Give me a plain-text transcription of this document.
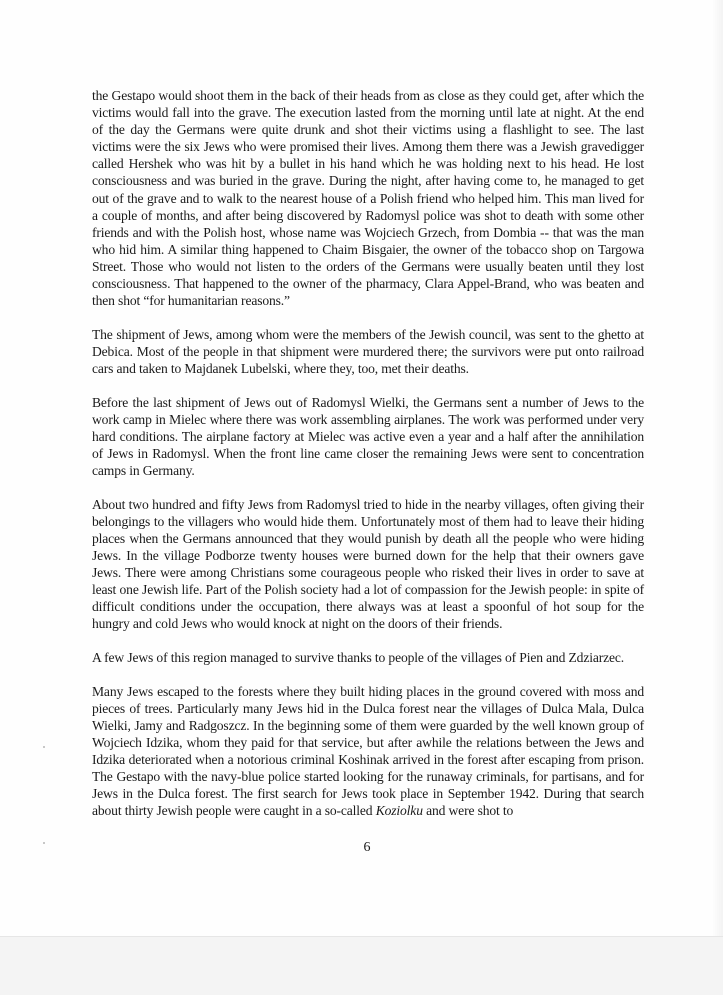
the Gestapo would shoot them in the back of their heads from as close as they could get, after which the victims would fall into the grave. The execution lasted from the morning until late at night. At the end of the day the Germans were quite drunk and shot their victims using a flashlight to see. The last victims were the six Jews who were promised their lives. Among them there was a Jewish gravedigger called Hershek who was hit by a bullet in his hand which he was holding next to his head. He lost consciousness and was buried in the grave. During the night, after having come to, he managed to get out of the grave and to walk to the nearest house of a Polish friend who helped him. This man lived for a couple of months, and after being discovered by Radomysl police was shot to death with some other friends and with the Polish host, whose name was Wojciech Grzech, from Dombia -- that was the man who hid him. A similar thing happened to Chaim Bisgaier, the owner of the tobacco shop on Targowa Street. Those who would not listen to the orders of the Germans were usually beaten until they lost consciousness. That happened to the owner of the pharmacy, Clara Appel-Brand, who was beaten and then shot “for humanitarian reasons.”

The shipment of Jews, among whom were the members of the Jewish council, was sent to the ghetto at Debica. Most of the people in that shipment were murdered there; the survivors were put onto railroad cars and taken to Majdanek Lubelski, where they, too, met their deaths.

Before the last shipment of Jews out of Radomysl Wielki, the Germans sent a number of Jews to the work camp in Mielec where there was work assembling airplanes. The work was performed under very hard conditions. The airplane factory at Mielec was active even a year and a half after the annihilation of Jews in Radomysl. When the front line came closer the remaining Jews were sent to concentration camps in Germany.

About two hundred and fifty Jews from Radomysl tried to hide in the nearby villages, often giving their belongings to the villagers who would hide them. Unfortunately most of them had to leave their hiding places when the Germans announced that they would punish by death all the people who were hiding Jews. In the village Podborze twenty houses were burned down for the help that their owners gave Jews. There were among Christians some courageous people who risked their lives in order to save at least one Jewish life. Part of the Polish society had a lot of compassion for the Jewish people: in spite of difficult conditions under the occupation, there always was at least a spoonful of hot soup for the hungry and cold Jews who would knock at night on the doors of their friends.

A few Jews of this region managed to survive thanks to people of the villages of Pien and Zdziarzec.

Many Jews escaped to the forests where they built hiding places in the ground covered with moss and pieces of trees. Particularly many Jews hid in the Dulca forest near the villages of Dulca Mala, Dulca Wielki, Jamy and Radgoszcz. In the beginning some of them were guarded by the well known group of Wojciech Idzika, whom they paid for that service, but after awhile the relations between the Jews and Idzika deteriorated when a notorious criminal Koshinak arrived in the forest after escaping from prison. The Gestapo with the navy-blue police started looking for the runaway criminals, for partisans, and for Jews in the Dulca forest. The first search for Jews took place in September 1942. During that search about thirty Jewish people were caught in a so-called Koziolku and were shot to

6
